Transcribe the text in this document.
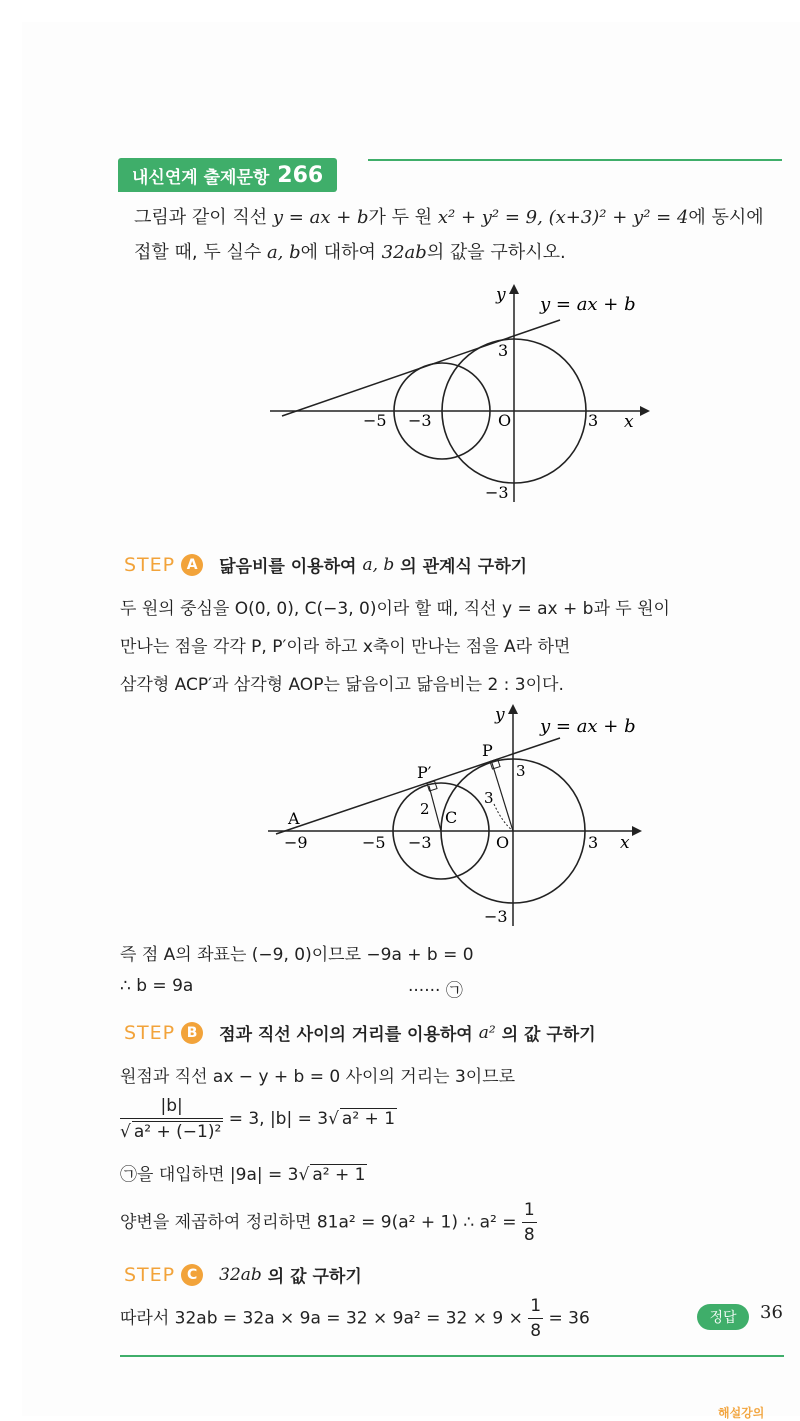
내신연계 출제문항 266
그림과 같이 직선 y = ax + b가 두 원 x² + y² = 9, (x+3)² + y² = 4에 동시에
접할 때, 두 실수 a, b에 대하여 32ab의 값을 구하시오.
y = ax + b
x
y
−5 −3	O	3
3
−3
STEP A	닮음비를 이용하여 a, b 의 관계식 구하기
두 원의 중심을 O(0, 0), C(−3, 0)이라 할 때, 직선 y = ax + b과 두 원이
만나는 점을 각각 P, P′이라 하고 x축이 만나는 점을 A라 하면
삼각형 ACP′과 삼각형 AOP는 닮음이고 닮음비는 2 : 3이다.
y = ax + b
x
y
P
P′
A	C
2
3
3
−9	−5 −3	O	3
−3
즉 점 A의 좌표는 (−9, 0)이므로 −9a + b = 0
∴ b = 9a	······ ㉠
STEP B	점과 직선 사이의 거리를 이용하여 a² 의 값 구하기
원점과 직선 ax − y + b = 0 사이의 거리는 3이므로
$\frac{|b|}{\text{√ a² + (−1)²}} = 3$, |b| = 3√ a² + 1
㉠을 대입하면 |9a| = 3√ a² + 1
양변을 제곱하여 정리하면 81a² = 9(a² + 1) ∴ $a^2 = \frac{1}{8}$
STEP C	32ab 의 값 구하기
따라서 $32ab = 32a \times 9a = 32 \times 9a^2 = 32 \times 9 \times \frac{1}{8} = 36$	정답	36
해설강의
